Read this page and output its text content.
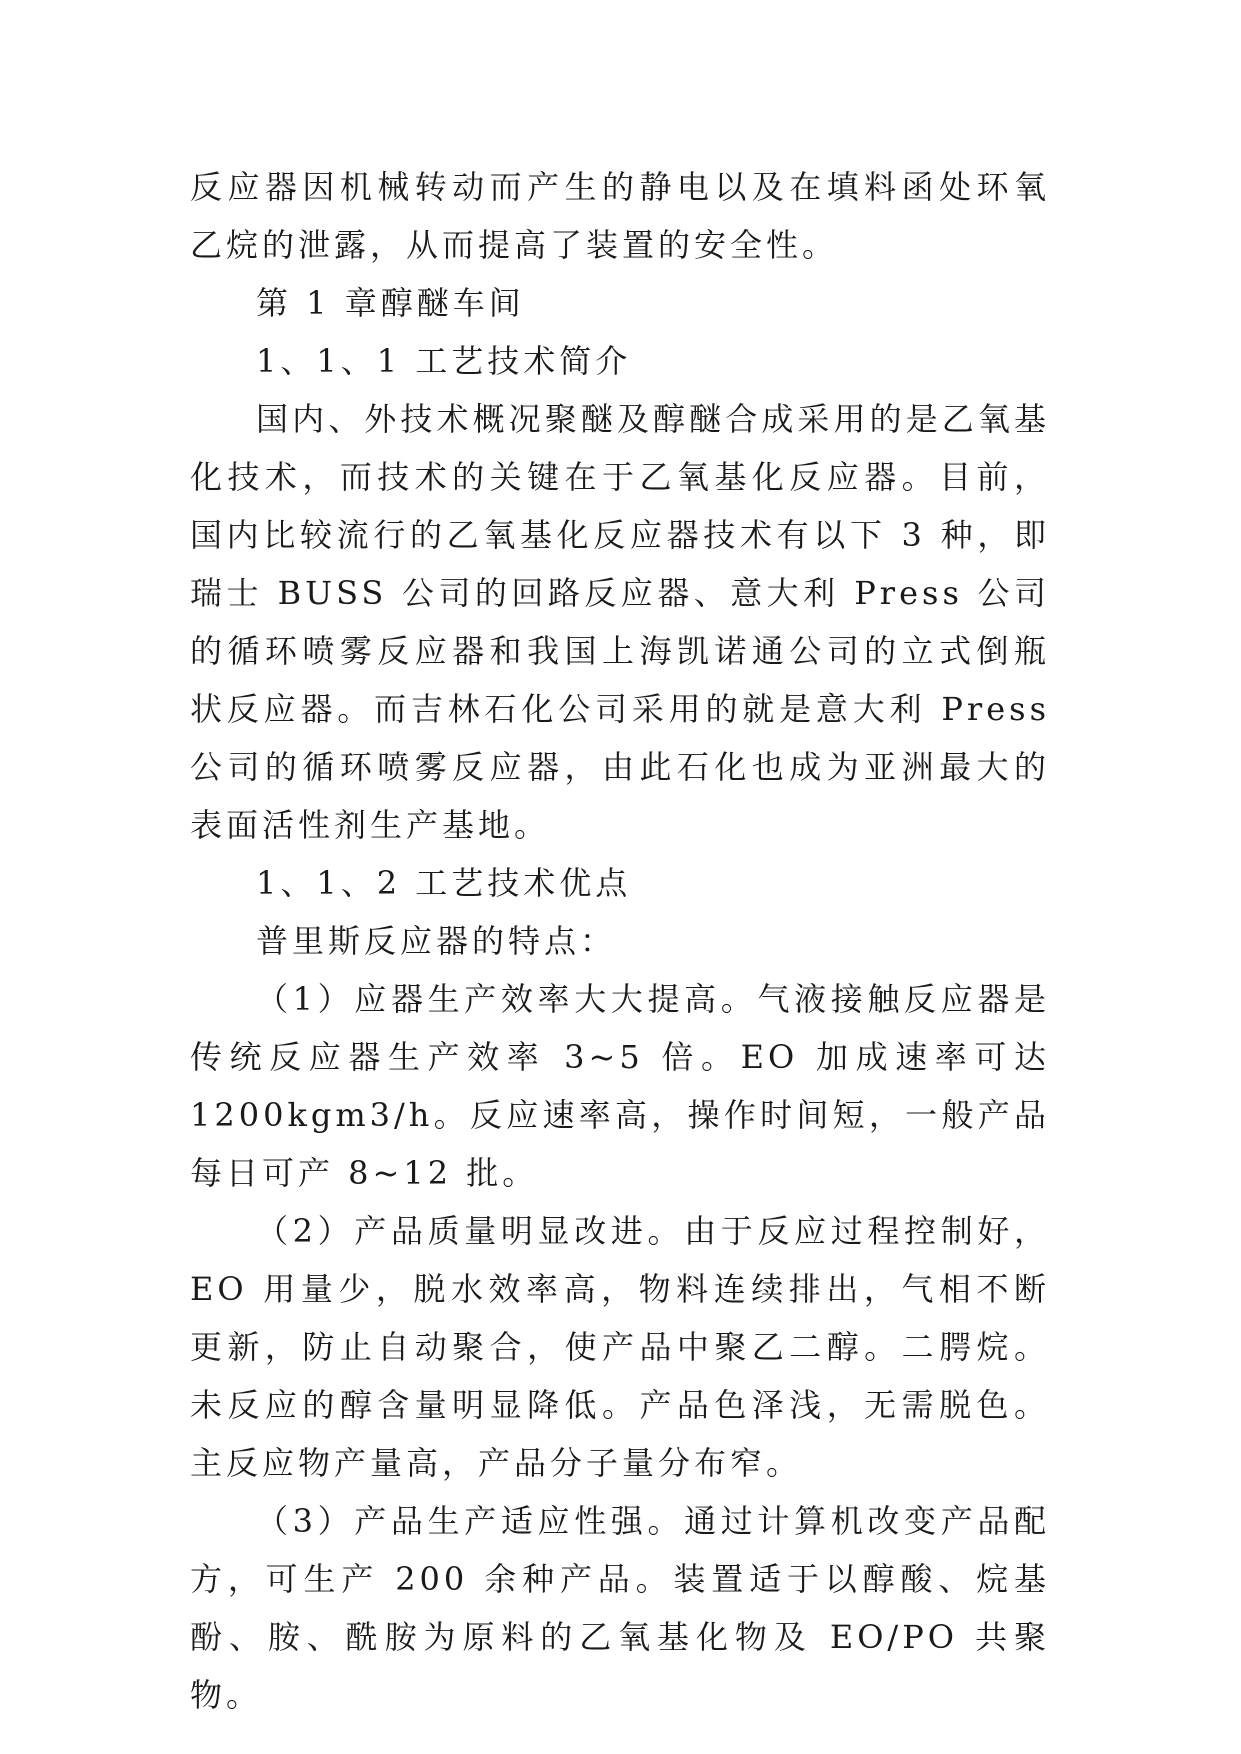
反应器因机械转动而产生的静电以及在填料函处环氧乙烷的泄露，从而提高了装置的安全性。

第 1 章醇醚车间

1、1、1 工艺技术简介

国内、外技术概况聚醚及醇醚合成采用的是乙氧基化技术，而技术的关键在于乙氧基化反应器。目前，国内比较流行的乙氧基化反应器技术有以下 3 种，即瑞士 BUSS 公司的回路反应器、意大利 Press 公司的循环喷雾反应器和我国上海凯诺通公司的立式倒瓶状反应器。而吉林石化公司采用的就是意大利 Press 公司的循环喷雾反应器，由此石化也成为亚洲最大的表面活性剂生产基地。

1、1、2 工艺技术优点

普里斯反应器的特点：

（1）应器生产效率大大提高。气液接触反应器是传统反应器生产效率 3~5 倍。EO 加成速率可达 1200kgm3/h。反应速率高，操作时间短，一般产品每日可产 8~12 批。

（2）产品质量明显改进。由于反应过程控制好，EO 用量少，脱水效率高，物料连续排出，气相不断更新，防止自动聚合，使产品中聚乙二醇。二腭烷。未反应的醇含量明显降低。产品色泽浅，无需脱色。主反应物产量高，产品分子量分布窄。

（3）产品生产适应性强。通过计算机改变产品配方，可生产 200 余种产品。装置适于以醇酸、烷基酚、胺、酰胺为原料的乙氧基化物及 EO/PO 共聚物。
